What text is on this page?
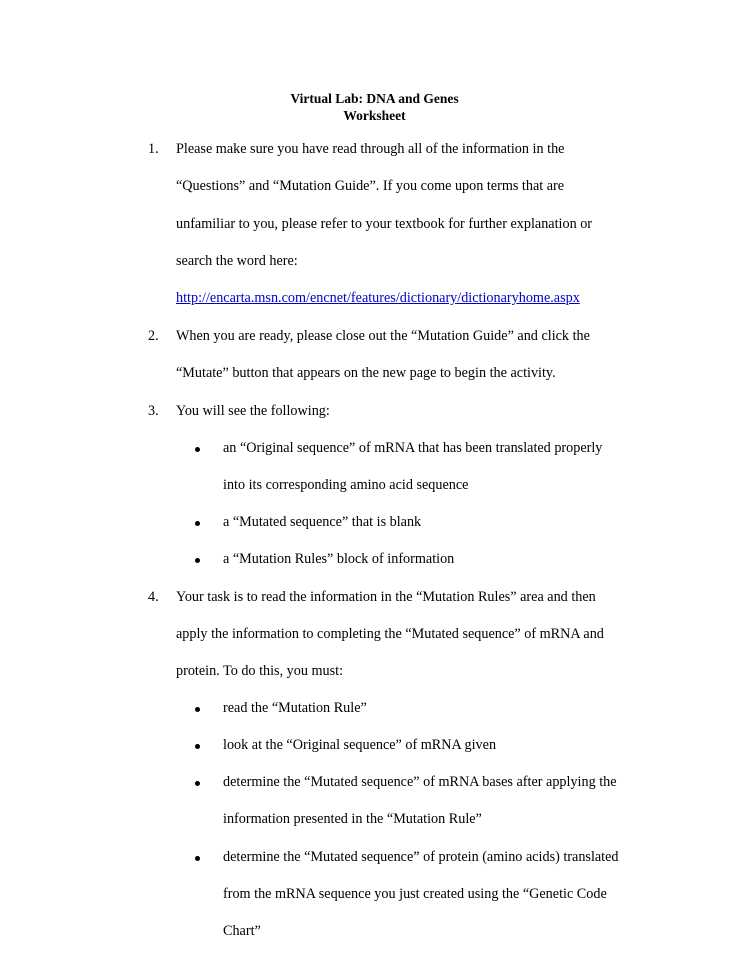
Virtual Lab: DNA and Genes
Worksheet
1. Please make sure you have read through all of the information in the
“Questions” and “Mutation Guide”. If you come upon terms that are
unfamiliar to you, please refer to your textbook for further explanation or
search the word here:
http://encarta.msn.com/encnet/features/dictionary/dictionaryhome.aspx
2. When you are ready, please close out the “Mutation Guide” and click the
“Mutate” button that appears on the new page to begin the activity.
3. You will see the following:
an “Original sequence” of mRNA that has been translated properly
into its corresponding amino acid sequence
a “Mutated sequence” that is blank
a “Mutation Rules” block of information
4. Your task is to read the information in the “Mutation Rules” area and then
apply the information to completing the “Mutated sequence” of mRNA and
protein. To do this, you must:
read the “Mutation Rule”
look at the “Original sequence” of mRNA given
determine the “Mutated sequence” of mRNA bases after applying the
information presented in the “Mutation Rule”
determine the “Mutated sequence” of protein (amino acids) translated
from the mRNA sequence you just created using the “Genetic Code
Chart”
